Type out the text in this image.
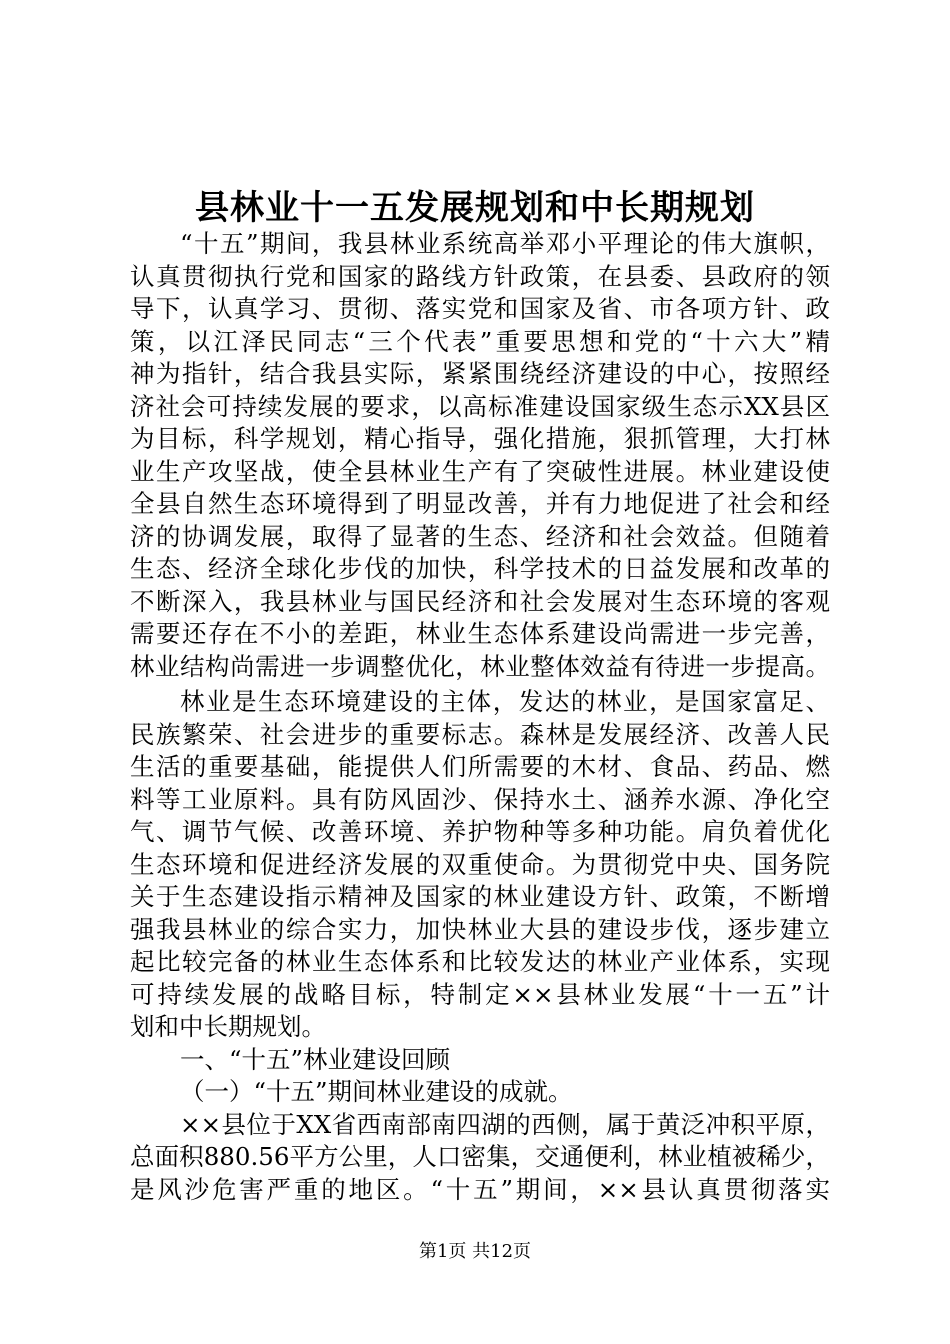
县林业十一五发展规划和中长期规划
“十五”期间，我县林业系统高举邓小平理论的伟大旗帜，
认真贯彻执行党和国家的路线方针政策，在县委、县政府的领
导下，认真学习、贯彻、落实党和国家及省、市各项方针、政
策，以江泽民同志“三个代表”重要思想和党的“十六大”精
神为指针，结合我县实际，紧紧围绕经济建设的中心，按照经
济社会可持续发展的要求，以高标准建设国家级生态示XX县区
为目标，科学规划，精心指导，强化措施，狠抓管理，大打林
业生产攻坚战，使全县林业生产有了突破性进展。林业建设使
全县自然生态环境得到了明显改善，并有力地促进了社会和经
济的协调发展，取得了显著的生态、经济和社会效益。但随着
生态、经济全球化步伐的加快，科学技术的日益发展和改革的
不断深入，我县林业与国民经济和社会发展对生态环境的客观
需要还存在不小的差距，林业生态体系建设尚需进一步完善，
林业结构尚需进一步调整优化，林业整体效益有待进一步提高。
林业是生态环境建设的主体，发达的林业，是国家富足、
民族繁荣、社会进步的重要标志。森林是发展经济、改善人民
生活的重要基础，能提供人们所需要的木材、食品、药品、燃
料等工业原料。具有防风固沙、保持水土、涵养水源、净化空
气、调节气候、改善环境、养护物种等多种功能。肩负着优化
生态环境和促进经济发展的双重使命。为贯彻党中央、国务院
关于生态建设指示精神及国家的林业建设方针、政策，不断增
强我县林业的综合实力，加快林业大县的建设步伐，逐步建立
起比较完备的林业生态体系和比较发达的林业产业体系，实现
可持续发展的战略目标，特制定××县林业发展“十一五”计
划和中长期规划。
一、“十五”林业建设回顾
（一）“十五”期间林业建设的成就。
××县位于XX省西南部南四湖的西侧，属于黄泛冲积平原，
总面积880.56平方公里，人口密集，交通便利，林业植被稀少，
是风沙危害严重的地区。“十五”期间，××县认真贯彻落实
第1页 共12页
